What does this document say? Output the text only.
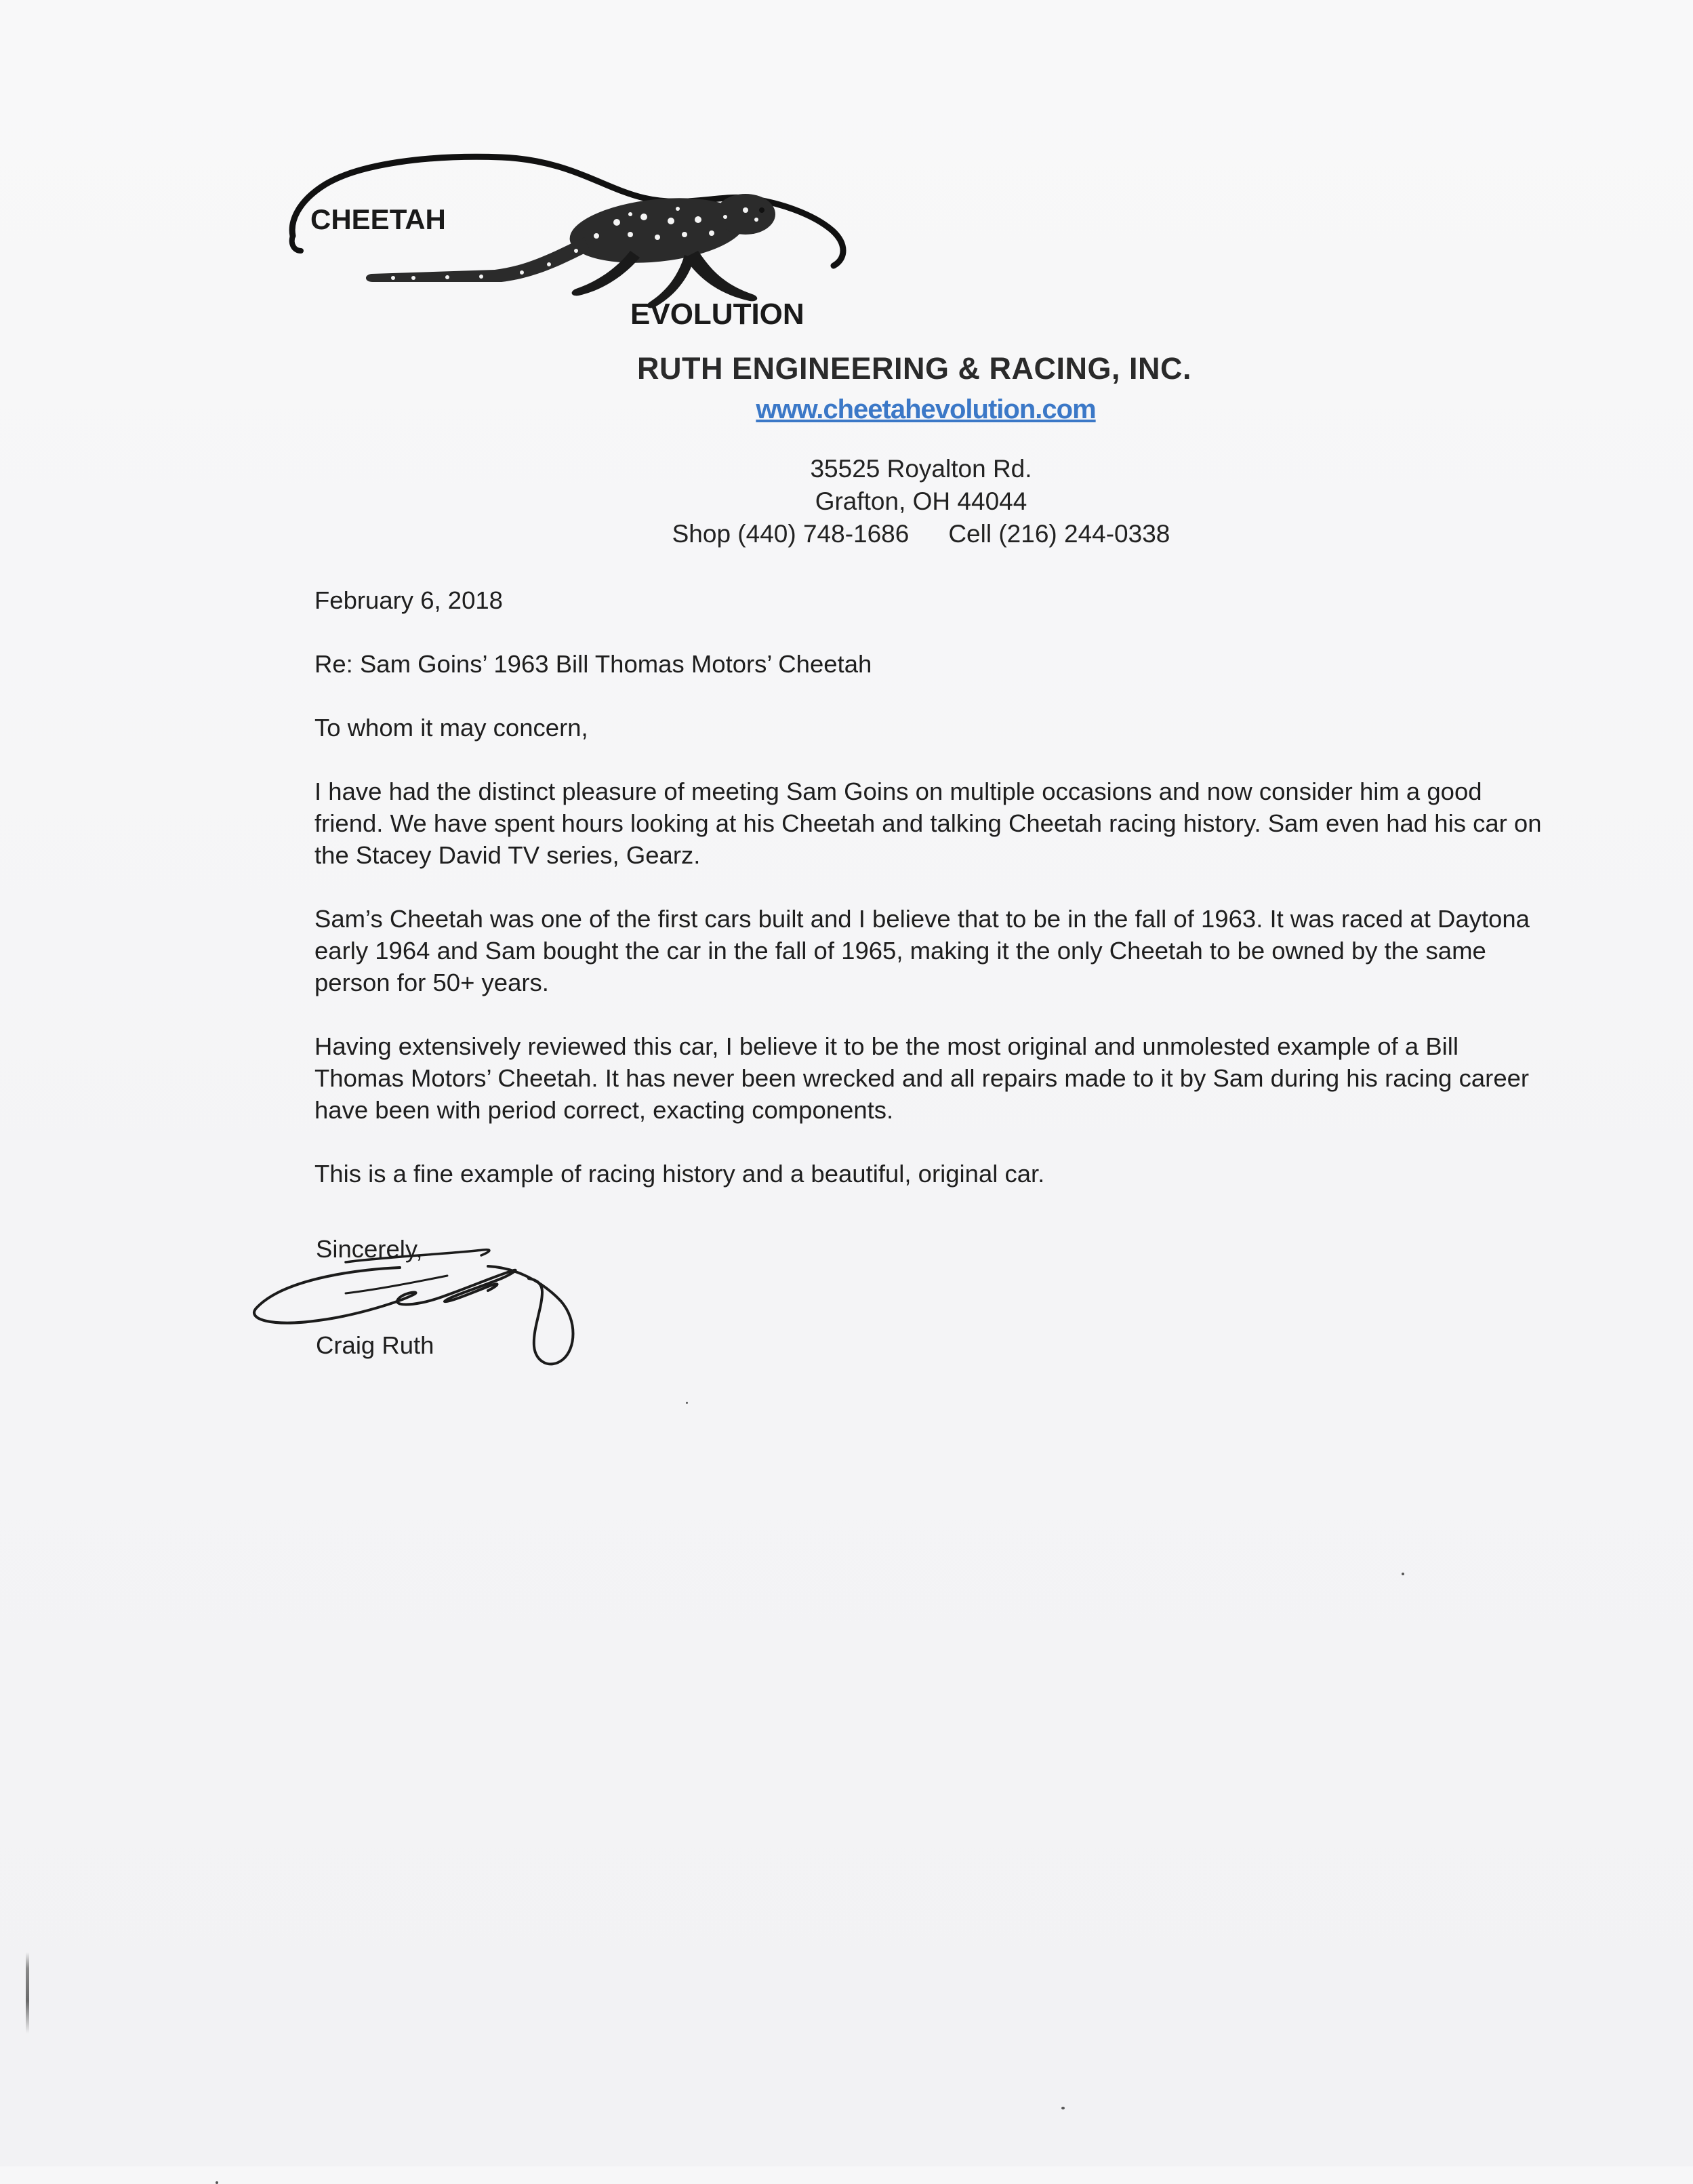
CHEETAH
EVOLUTION
RUTH ENGINEERING & RACING, INC.
www.cheetahevolution.com
35525 Royalton Rd.
Grafton, OH 44044
Shop (440) 748-1686 Cell (216) 244-0338

February 6, 2018

Re: Sam Goins’ 1963 Bill Thomas Motors’ Cheetah

To whom it may concern,

I have had the distinct pleasure of meeting Sam Goins on multiple occasions and now consider him a good friend. We have spent hours looking at his Cheetah and talking Cheetah racing history. Sam even had his car on the Stacey David TV series, Gearz.

Sam’s Cheetah was one of the first cars built and I believe that to be in the fall of 1963. It was raced at Daytona early 1964 and Sam bought the car in the fall of 1965, making it the only Cheetah to be owned by the same person for 50+ years.

Having extensively reviewed this car, I believe it to be the most original and unmolested example of a Bill Thomas Motors’ Cheetah. It has never been wrecked and all repairs made to it by Sam during his racing career have been with period correct, exacting components.

This is a fine example of racing history and a beautiful, original car.

Sincerely,
Craig Ruth
